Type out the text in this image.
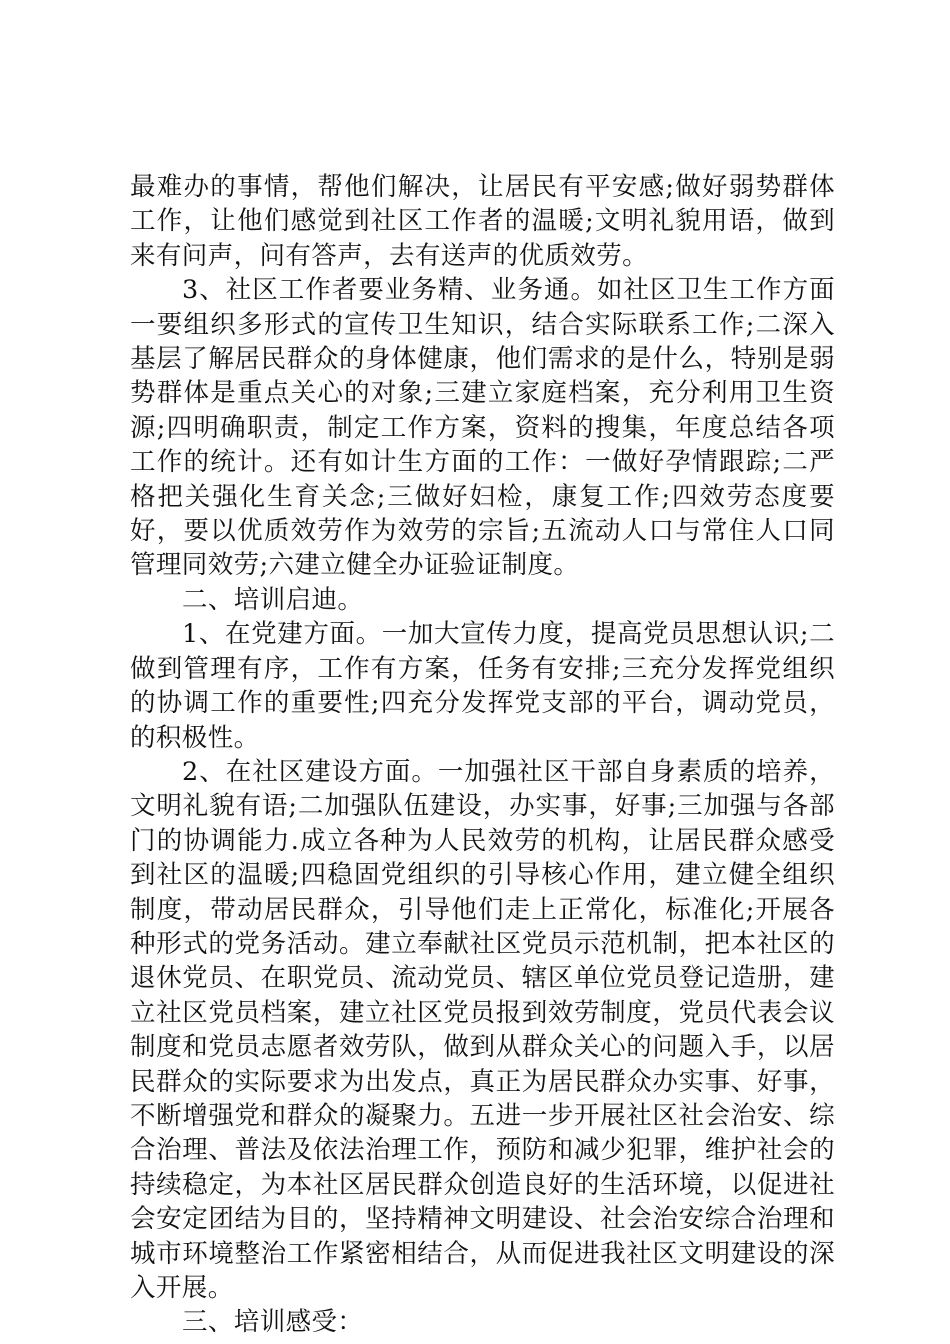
最难办的事情，帮他们解决，让居民有平安感;做好弱势群体工作，让他们感觉到社区工作者的温暖;文明礼貌用语，做到来有问声，问有答声，去有送声的优质效劳。

3、社区工作者要业务精、业务通。如社区卫生工作方面一要组织多形式的宣传卫生知识，结合实际联系工作;二深入基层了解居民群众的身体健康，他们需求的是什么，特别是弱势群体是重点关心的对象;三建立家庭档案，充分利用卫生资源;四明确职责，制定工作方案，资料的搜集，年度总结各项工作的统计。还有如计生方面的工作：一做好孕情跟踪;二严格把关强化生育关念;三做好妇检，康复工作;四效劳态度要好，要以优质效劳作为效劳的宗旨;五流动人口与常住人口同管理同效劳;六建立健全办证验证制度。

二、培训启迪。

1、在党建方面。一加大宣传力度，提高党员思想认识;二做到管理有序，工作有方案，任务有安排;三充分发挥党组织的协调工作的重要性;四充分发挥党支部的平台，调动党员，的积极性。

2、在社区建设方面。一加强社区干部自身素质的培养，文明礼貌有语;二加强队伍建设，办实事，好事;三加强与各部门的协调能力.成立各种为人民效劳的机构，让居民群众感受到社区的温暖;四稳固党组织的引导核心作用，建立健全组织制度，带动居民群众，引导他们走上正常化，标准化;开展各种形式的党务活动。建立奉献社区党员示范机制，把本社区的退休党员、在职党员、流动党员、辖区单位党员登记造册，建立社区党员档案，建立社区党员报到效劳制度，党员代表会议制度和党员志愿者效劳队，做到从群众关心的问题入手，以居民群众的实际要求为出发点，真正为居民群众办实事、好事，不断增强党和群众的凝聚力。五进一步开展社区社会治安、综合治理、普法及依法治理工作，预防和减少犯罪，维护社会的持续稳定，为本社区居民群众创造良好的生活环境，以促进社会安定团结为目的，坚持精神文明建设、社会治安综合治理和城市环境整治工作紧密相结合，从而促进我社区文明建设的深入开展。

三、培训感受：
